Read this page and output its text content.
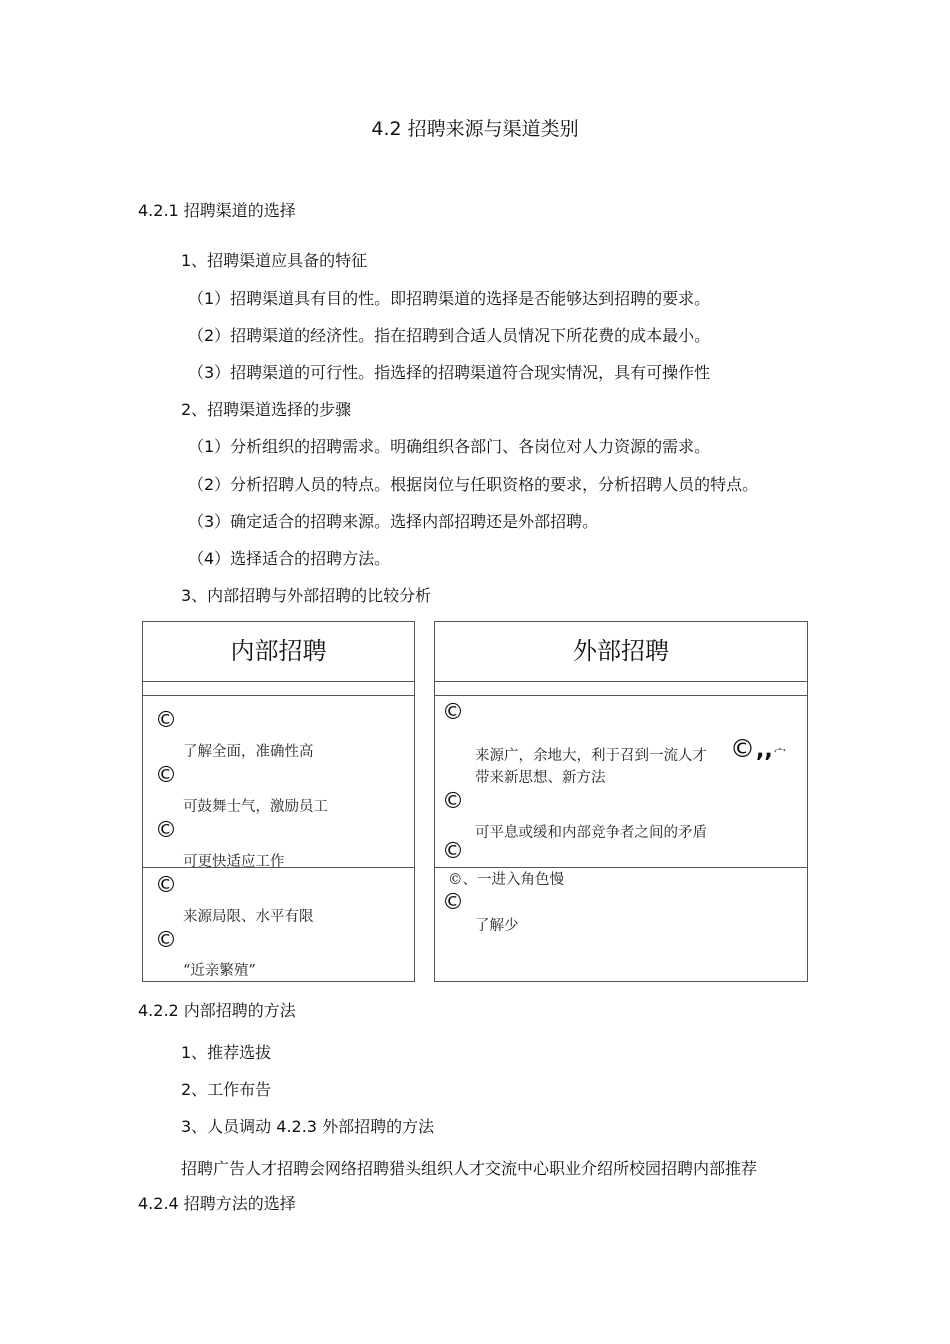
4.2 招聘来源与渠道类别
4.2.1 招聘渠道的选择
1、招聘渠道应具备的特征
（1）招聘渠道具有目的性。即招聘渠道的选择是否能够达到招聘的要求。
（2）招聘渠道的经济性。指在招聘到合适人员情况下所花费的成本最小。
（3）招聘渠道的可行性。指选择的招聘渠道符合现实情况，具有可操作性
2、招聘渠道选择的步骤
（1）分析组织的招聘需求。明确组织各部门、各岗位对人力资源的需求。
（2）分析招聘人员的特点。根据岗位与任职资格的要求，分析招聘人员的特点。
（3）确定适合的招聘来源。选择内部招聘还是外部招聘。
（4）选择适合的招聘方法。
3、内部招聘与外部招聘的比较分析
内部招聘	外部招聘
©
了解全面，准确性高
©
可鼓舞士气，激励员工
©
可更快适应工作
©
来源局限、水平有限
©
“近亲繁殖”
©
来源广，余地大，利于召到一流人才 © ,, 宀
带来新思想、新方法
©
可平息或缓和内部竞争者之间的矛盾
©
©、一进入角色慢
©
了解少
4.2.2 内部招聘的方法
1、推荐选拔
2、工作布告
3、人员调动 4.2.3 外部招聘的方法
招聘广告人才招聘会网络招聘猎头组织人才交流中心职业介绍所校园招聘内部推荐
4.2.4 招聘方法的选择
